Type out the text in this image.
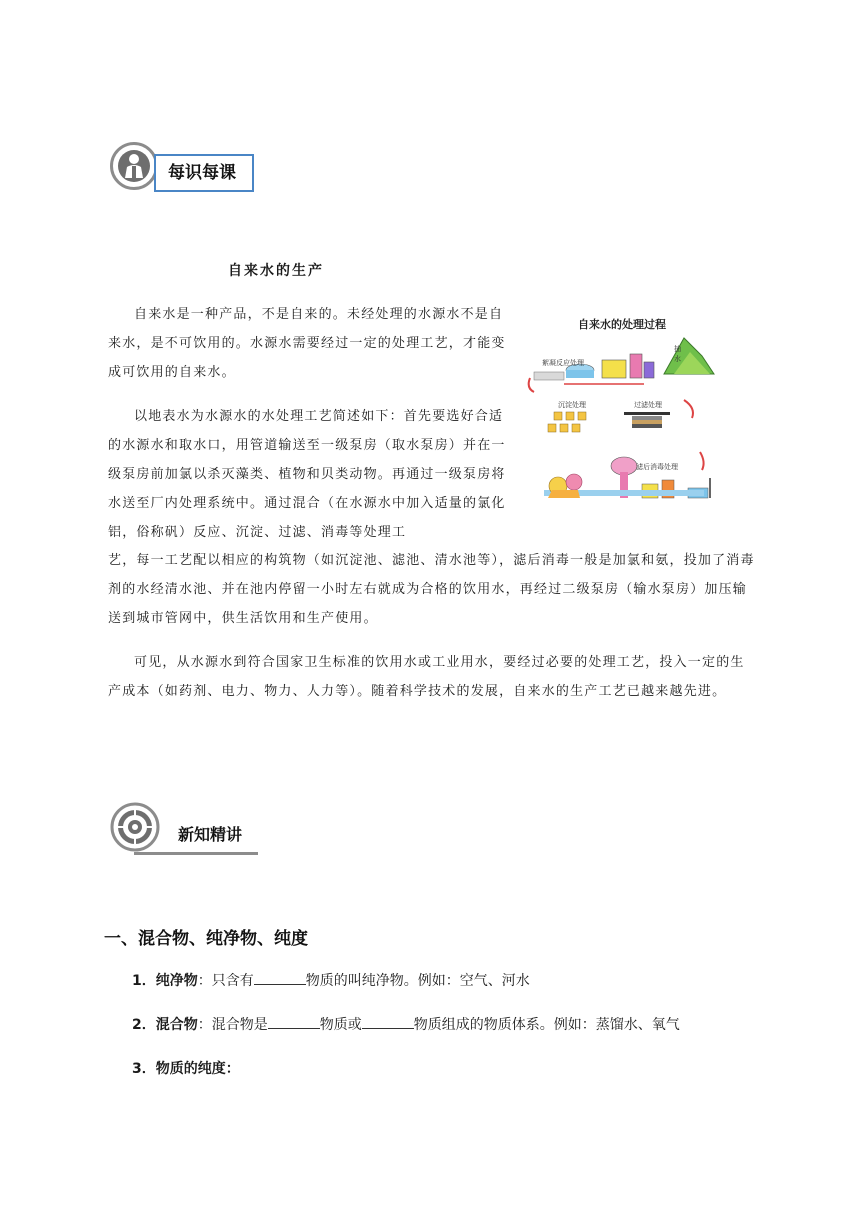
每识每课
自来水的生产

自来水是一种产品，不是自来的。未经处理的水源水不是自来水，是不可饮用的。水源水需要经过一定的处理工艺，才能变成可饮用的自来水。

以地表水为水源水的水处理工艺简述如下：首先要选好合适的水源水和取水口，用管道输送至一级泵房（取水泵房）并在一级泵房前加氯以杀灭藻类、植物和贝类动物。再通过一级泵房将水送至厂内处理系统中。通过混合（在水源水中加入适量的氯化铝，俗称矾）反应、沉淀、过滤、消毒等处理工

艺，每一工艺配以相应的构筑物（如沉淀池、滤池、清水池等），滤后消毒一般是加氯和氨，投加了消毒剂的水经清水池、并在池内停留一小时左右就成为合格的饮用水，再经过二级泵房（输水泵房）加压输送到城市管网中，供生活饮用和生产使用。

可见，从水源水到符合国家卫生标准的饮用水或工业用水，要经过必要的处理工艺，投入一定的生产成本（如药剂、电力、物力、人力等）。随着科学技术的发展，自来水的生产工艺已越来越先进。

自来水的处理过程
絮凝反应处理
抽水
沉淀处理	过滤处理
滤后消毒处理
新知精讲
一、混合物、纯净物、纯度
1．纯净物：只含有	物质的叫纯净物。例如：空气、河水
2．混合物：混合物是	物质或	物质组成的物质体系。例如：蒸馏水、氧气
3．物质的纯度：
